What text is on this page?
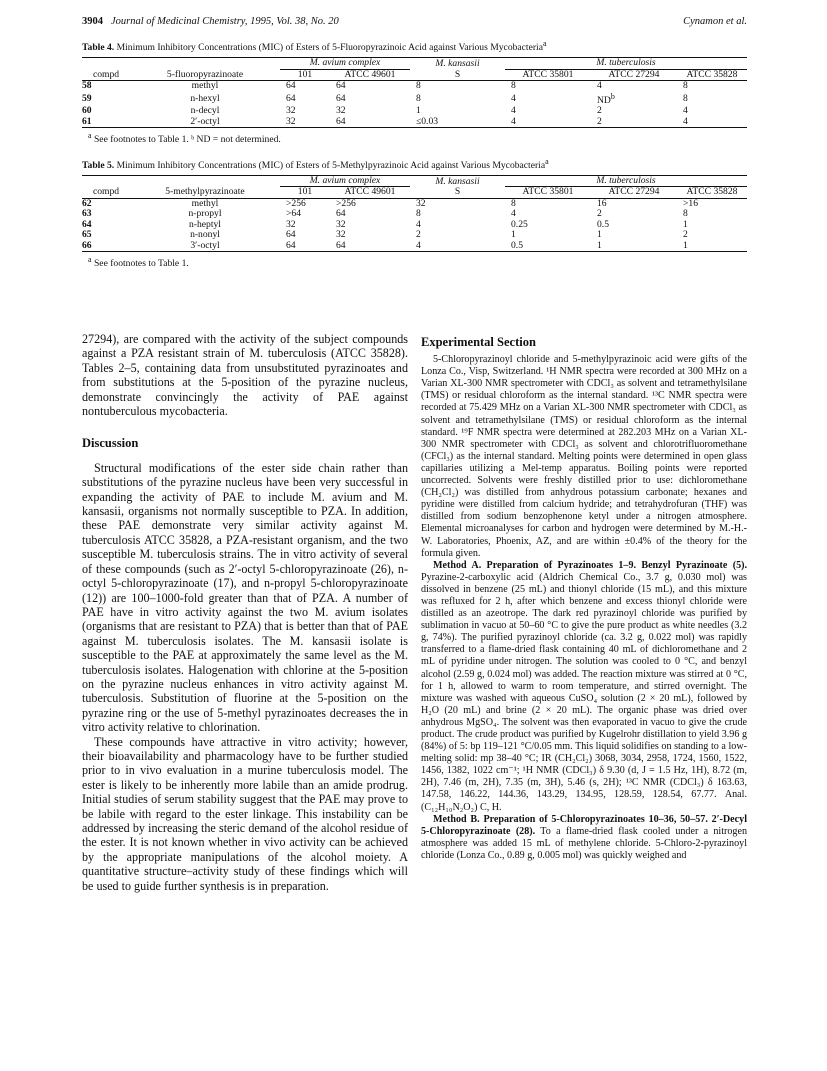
3904 Journal of Medicinal Chemistry, 1995, Vol. 38, No. 20	Cynamon et al.
Table 4. Minimum Inhibitory Concentrations (MIC) of Esters of 5-Fluoropyrazinoic Acid against Various Mycobacteria$^a$

		M. avium complex		M. kansasii	M. tuberculosis		

compd	5-fluoropyrazinoate	101	ATCC 49601	S	ATCC 35801	ATCC 27294	ATCC 35828
58	methyl	64	64	8	8	4	8
59	n-hexyl	64	64	8	4	$ND^b$	8
60	n-decyl	32	32	1	4	2	4
61	2′-octyl	32	64	≤0.03	4	2	4
$^a$ See footnotes to Table 1. ᵇ ND = not determined.
Table 5. Minimum Inhibitory Concentrations (MIC) of Esters of 5-Methylpyrazinoic Acid against Various Mycobacteria$^a$

		M. avium complex		M. kansasii	M. tuberculosis		

compd	5-methylpyrazinoate	101	ATCC 49601	S	ATCC 35801	ATCC 27294	ATCC 35828
62	methyl	>256	>256	32	8	16	>16
63	n-propyl	>64	64	8	4	2	8
64	n-heptyl	32	32	4	0.25	0.5	1
65	n-nonyl	64	32	2	1	1	2
66	3′-octyl	64	64	4	0.5	1	1
$^a$ See footnotes to Table 1.

27294), are compared with the activity of the subject compounds against a PZA resistant strain of M. tuberculosis (ATCC 35828). Tables 2–5, containing data from unsubstituted pyrazinoates and from substitutions at the 5-position of the pyrazine nucleus, demonstrate convincingly the activity of PAE against nontuberculous mycobacteria.

Discussion

Structural modifications of the ester side chain rather than substitutions of the pyrazine nucleus have been very successful in expanding the activity of PAE to include M. avium and M. kansasii, organisms not normally susceptible to PZA. In addition, these PAE demonstrate very similar activity against M. tuberculosis ATCC 35828, a PZA-resistant organism, and the two susceptible M. tuberculosis strains. The in vitro activity of several of these compounds (such as 2′-octyl 5-chloropyrazinoate (26), n-octyl 5-chloropyrazinoate (17), and n-propyl 5-chloropyrazinoate (12)) are 100–1000-fold greater than that of PZA. A number of PAE have in vitro activity against the two M. avium isolates (organisms that are resistant to PZA) that is better than that of PAE against M. tuberculosis isolates. The M. kansasii isolate is susceptible to the PAE at approximately the same level as the M. tuberculosis isolates. Halogenation with chlorine at the 5-position on the pyrazine nucleus enhances in vitro activity against M. tuberculosis. Substitution of fluorine at the 5-position on the pyrazine ring or the use of 5-methyl pyrazinoates decreases the in vitro activity relative to chlorination.

These compounds have attractive in vitro activity; however, their bioavailability and pharmacology have to be further studied prior to in vivo evaluation in a murine tuberculosis model. The ester is likely to be inherently more labile than an amide prodrug. Initial studies of serum stability suggest that the PAE may prove to be labile with regard to the ester linkage. This instability can be addressed by increasing the steric demand of the alcohol residue of the ester. It is not known whether in vivo activity can be achieved by the appropriate manipulations of the alcohol moiety. A quantitative structure–activity study of these findings which will be used to guide further synthesis is in preparation.

Experimental Section

5-Chloropyrazinoyl chloride and 5-methylpyrazinoic acid were gifts of the Lonza Co., Visp, Switzerland. ¹H NMR spectra were recorded at 300 MHz on a Varian XL-300 NMR spectrometer with CDCl₃ as solvent and tetramethylsilane (TMS) or residual chloroform as the internal standard. ¹³C NMR spectra were recorded at 75.429 MHz on a Varian XL-300 NMR spectrometer with CDCl₃ as solvent and tetramethylsilane (TMS) or residual chloroform as the internal standard. ¹⁹F NMR spectra were determined at 282.203 MHz on a Varian XL-300 NMR spectrometer with CDCl₃ as solvent and chlorotrifluoromethane (CFCl₃) as the internal standard. Melting points were determined in open glass capillaries utilizing a Mel-temp apparatus. Boiling points were reported uncorrected. Solvents were freshly distilled prior to use: dichloromethane (CH₂Cl₂) was distilled from anhydrous potassium carbonate; hexanes and pyridine were distilled from calcium hydride; and tetrahydrofuran (THF) was distilled from sodium benzophenone ketyl under a nitrogen atmosphere. Elemental microanalyses for carbon and hydrogen were determined by M.-H.-W. Laboratories, Phoenix, AZ, and are within ±0.4% of the theory for the formula given.

Method A. Preparation of Pyrazinoates 1–9. Benzyl Pyrazinoate (5). Pyrazine-2-carboxylic acid (Aldrich Chemical Co., 3.7 g, 0.030 mol) was dissolved in benzene (25 mL) and thionyl chloride (15 mL), and this mixture was refluxed for 2 h, after which benzene and excess thionyl chloride were distilled as an azeotrope. The dark red pyrazinoyl chloride was purified by sublimation in vacuo at 50–60 °C to give the pure product as white needles (3.2 g, 74%). The purified pyrazinoyl chloride (ca. 3.2 g, 0.022 mol) was rapidly transferred to a flame-dried flask containing 40 mL of dichloromethane and 2 mL of pyridine under nitrogen. The solution was cooled to 0 °C, and benzyl alcohol (2.59 g, 0.024 mol) was added. The reaction mixture was stirred at 0 °C, for 1 h, allowed to warm to room temperature, and stirred overnight. The mixture was washed with aqueous CuSO₄ solution (2 × 20 mL), followed by H₂O (20 mL) and brine (2 × 20 mL). The organic phase was dried over anhydrous MgSO₄. The solvent was then evaporated in vacuo to give the crude product. The crude product was purified by Kugelrohr distillation to yield 3.96 g (84%) of 5: bp 119–121 °C/0.05 mm. This liquid solidifies on standing to a low-melting solid: mp 38–40 °C; IR (CH₂Cl₂) 3068, 3034, 2958, 1724, 1560, 1522, 1456, 1382, 1022 cm⁻¹; ¹H NMR (CDCl₃) δ 9.30 (d, J = 1.5 Hz, 1H), 8.72 (m, 2H), 7.46 (m, 2H), 7.35 (m, 3H), 5.46 (s, 2H); ¹³C NMR (CDCl₃) δ 163.63, 147.58, 146.22, 144.36, 143.29, 134.95, 128.59, 128.54, 67.77. Anal. (C₁₂H₁₀N₂O₂) C, H.

Method B. Preparation of 5-Chloropyrazinoates 10–36, 50–57. 2′-Decyl 5-Chloropyrazinoate (28). To a flame-dried flask cooled under a nitrogen atmosphere was added 15 mL of methylene chloride. 5-Chloro-2-pyrazinoyl chloride (Lonza Co., 0.89 g, 0.005 mol) was quickly weighed and
